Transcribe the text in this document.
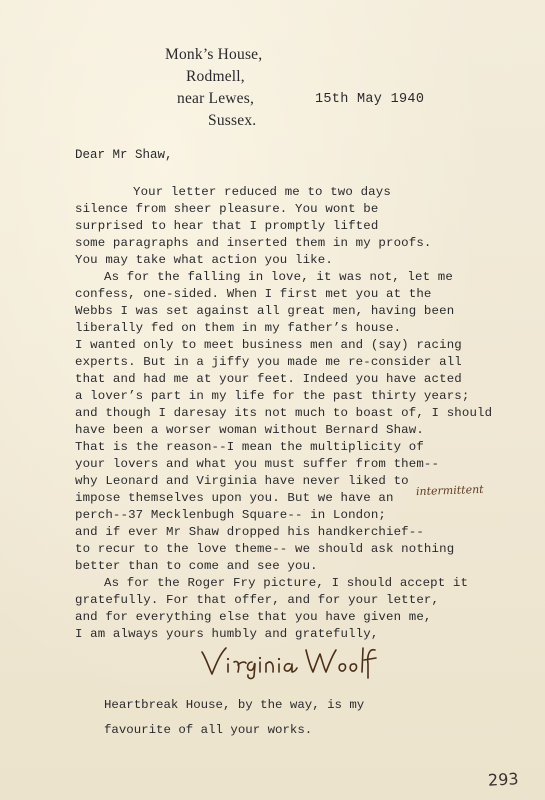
Monk’s House,
Rodmell,
near Lewes,
Sussex.
15th May 1940
Dear Mr Shaw,
Your letter reduced me to two days
silence from sheer pleasure. You wont be
surprised to hear that I promptly lifted
some paragraphs and inserted them in my proofs.
You may take what action you like.
As for the falling in love, it was not, let me
confess, one-sided. When I first met you at the
Webbs I was set against all great men, having been
liberally fed on them in my father’s house.
I wanted only to meet business men and (say) racing
experts. But in a jiffy you made me re-consider all
that and had me at your feet. Indeed you have acted
a lover’s part in my life for the past thirty years;
and though I daresay its not much to boast of, I should
have been a worser woman without Bernard Shaw.
That is the reason--I mean the multiplicity of
your lovers and what you must suffer from them--
why Leonard and Virginia have never liked to
impose themselves upon you. But we have an
perch--37 Mecklenbugh Square-- in London;
and if ever Mr Shaw dropped his handkerchief--
to recur to the love theme-- we should ask nothing
better than to come and see you.
As for the Roger Fry picture, I should accept it
gratefully. For that offer, and for your letter,
and for everything else that you have given me,
I am always yours humbly and gratefully,
intermittent
Heartbreak House, by the way, is my
favourite of all your works.
293
